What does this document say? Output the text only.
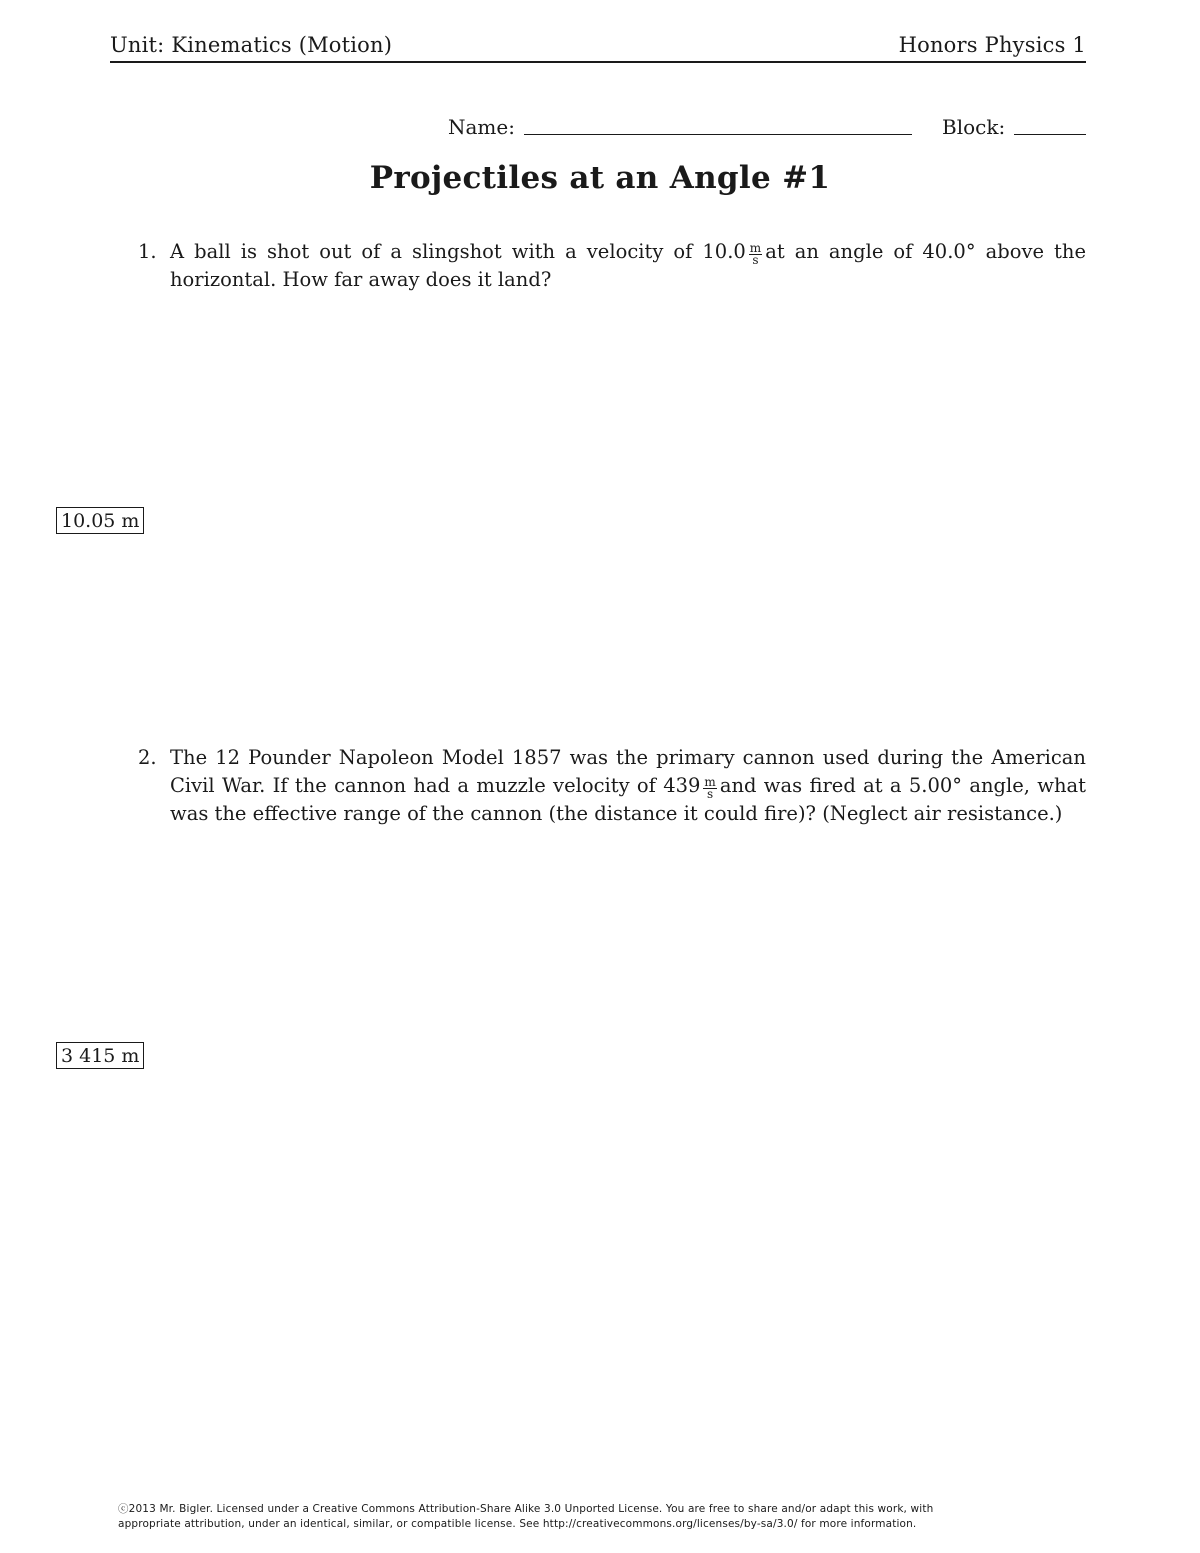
Unit: Kinematics (Motion)	Honors Physics 1
Name:	Block:
Projectiles at an Angle #1
1. A ball is shot out of a slingshot with a velocity of $10.0 \frac{m}{s}$ at an angle of 40.0° above the horizontal. How far away does it land?
10.05 m
2. The 12 Pounder Napoleon Model 1857 was the primary cannon used during the American Civil War. If the cannon had a muzzle velocity of $439 \frac{m}{s}$ and was fired at a 5.00° angle, what was the effective range of the cannon (the distance it could fire)? (Neglect air resistance.)
3 415 m
ⓒ2013 Mr. Bigler. Licensed under a Creative Commons Attribution-Share Alike 3.0 Unported License. You are free to share and/or adapt this work, with
appropriate attribution, under an identical, similar, or compatible license. See http://creativecommons.org/licenses/by-sa/3.0/ for more information.
